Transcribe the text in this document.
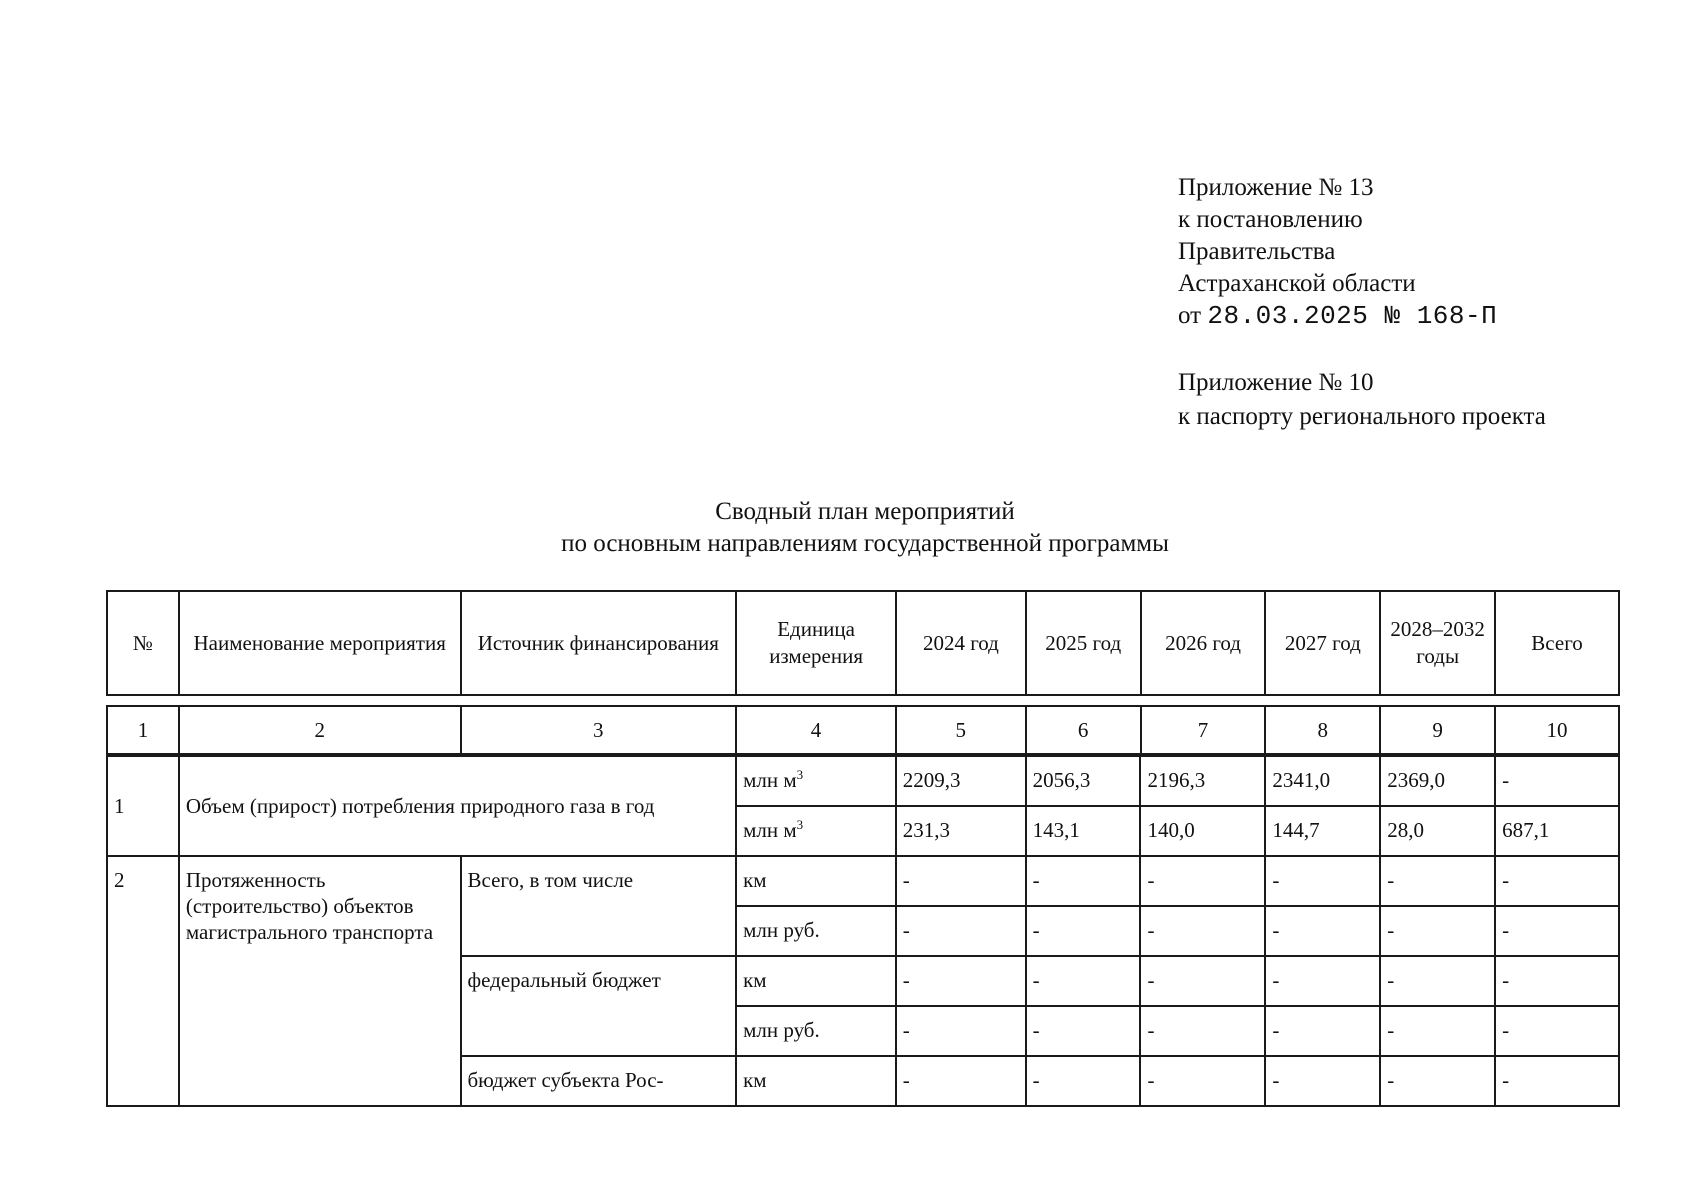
Приложение № 13
к постановлению
Правительства
Астраханской области
от 28.03.2025 № 168-П
Приложение № 10
к паспорту регионального проекта
Сводный план мероприятий
по основным направлениям государственной программы
№	Наименование мероприятия	Источник финансирования	Единица измерения	2024 год	2025 год	2026 год	2027 год	2028–2032 годы	Всего
1	2	3	4	5	6	7	8	9	10
1	Объем (прирост) потребления природного газа в год		млн $м^3$	2209,3	2056,3	2196,3	2341,0	2369,0	-
			млн $м^3$	231,3	143,1	140,0	144,7	28,0	687,1
2	Протяженность (строительство) объектов магистрального транспорта	Всего, в том числе	км	-	-	-	-	-	-
			млн руб.	-	-	-	-	-	-
		федеральный бюджет	км	-	-	-	-	-	-
			млн руб.	-	-	-	-	-	-
		бюджет субъекта Рос-	км	-	-	-	-	-	-
